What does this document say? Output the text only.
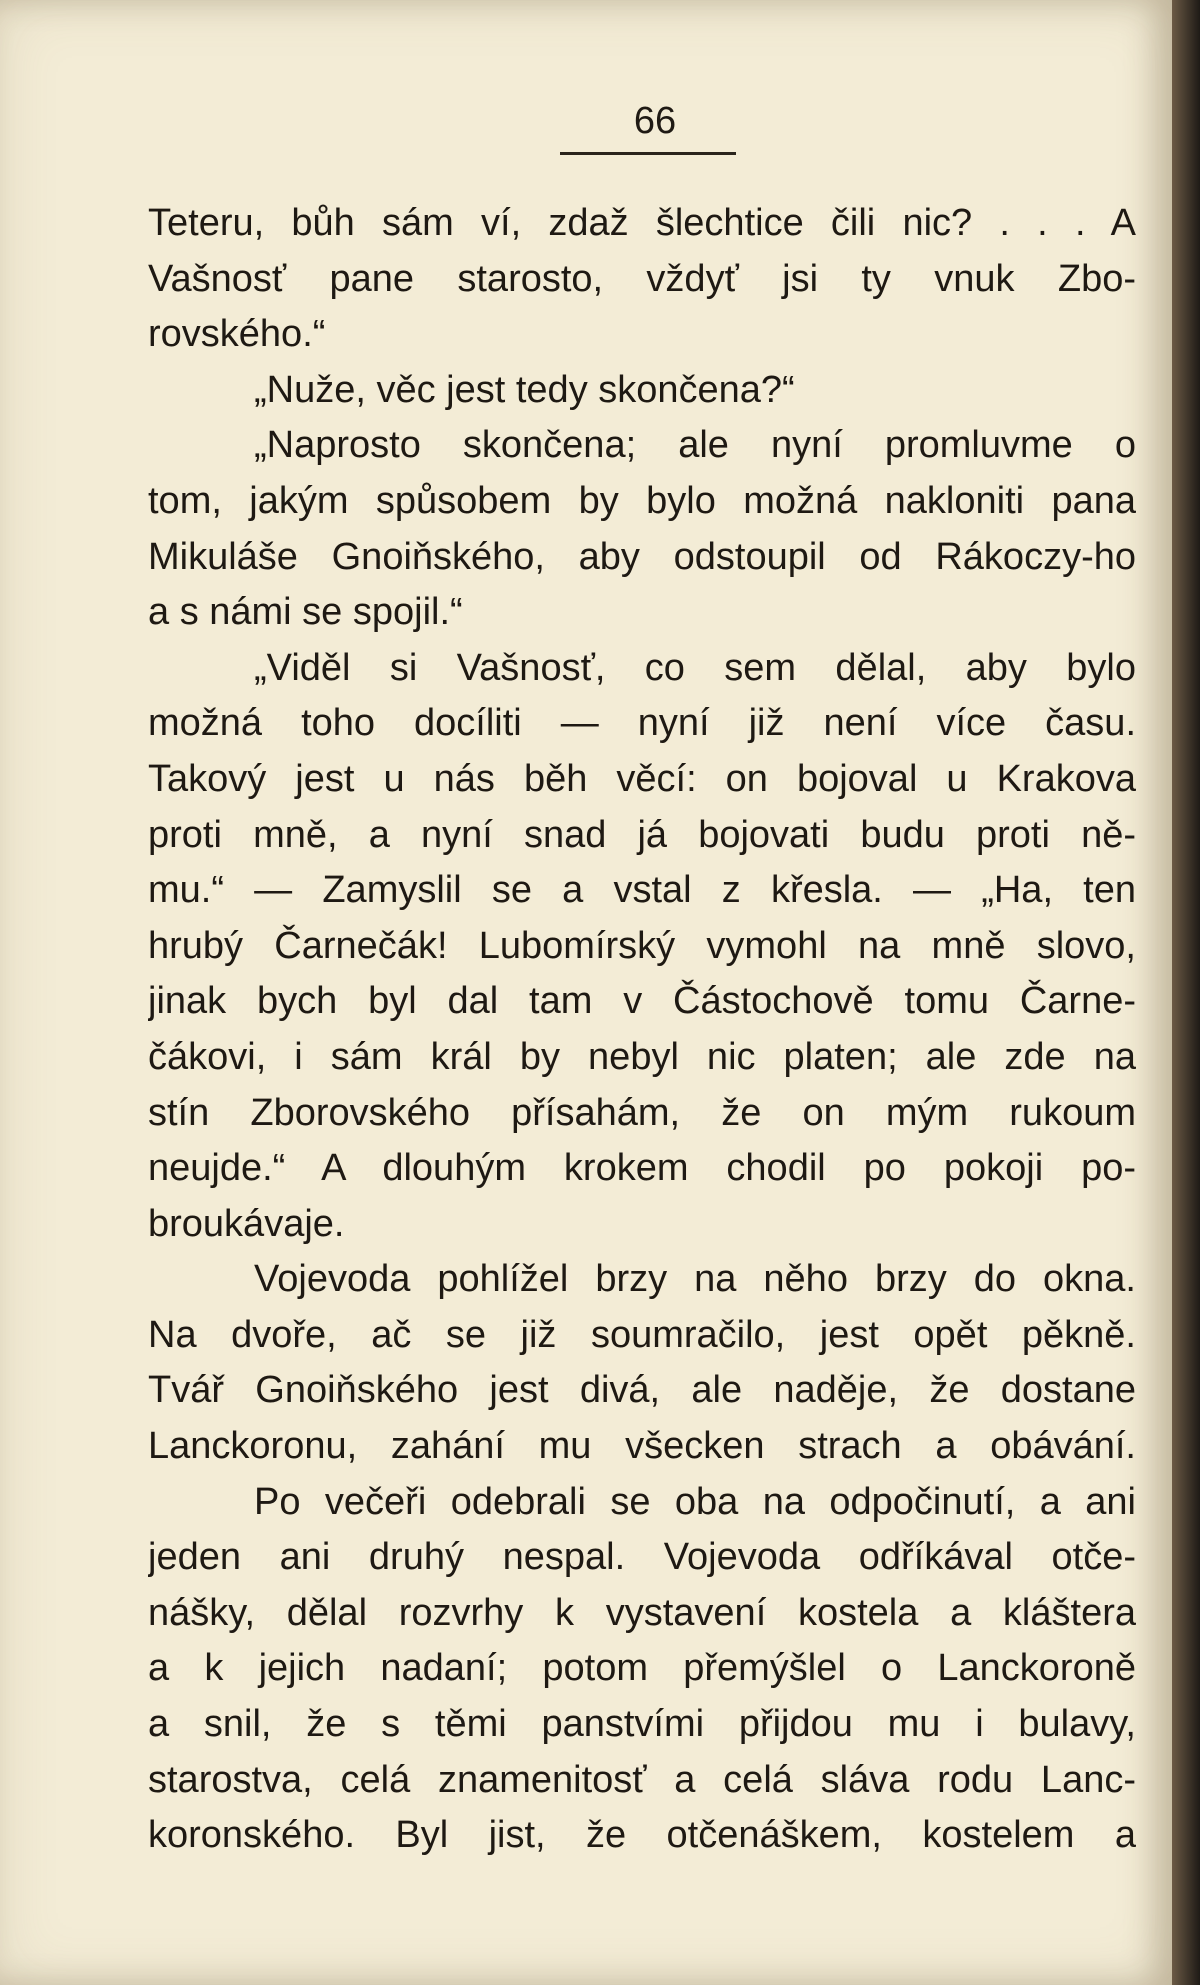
66
Teteru, bůh sám ví, zdaž šlechtice čili nic? . . . A
Vašnosť pane starosto, vždyť jsi ty vnuk Zbo-
rovského.“
„Nuže, věc jest tedy skončena?“
„Naprosto skončena; ale nyní promluvme o
tom, jakým spůsobem by bylo možná nakloniti pana
Mikuláše Gnoiňského, aby odstoupil od Rákoczy-ho
a s námi se spojil.“
„Viděl si Vašnosť, co sem dělal, aby bylo
možná toho docíliti — nyní již není více času.
Takový jest u nás běh věcí: on bojoval u Krakova
proti mně, a nyní snad já bojovati budu proti ně-
mu.“ — Zamyslil se a vstal z křesla. — „Ha, ten
hrubý Čarnečák! Lubomírský vymohl na mně slovo,
jinak bych byl dal tam v Částochově tomu Čarne-
čákovi, i sám král by nebyl nic platen; ale zde na
stín Zborovského přísahám, že on mým rukoum
neujde.“ A dlouhým krokem chodil po pokoji po-
broukávaje.
Vojevoda pohlížel brzy na něho brzy do okna.
Na dvoře, ač se již soumračilo, jest opět pěkně.
Tvář Gnoiňského jest divá, ale naděje, že dostane
Lanckoronu, zahání mu všecken strach a obávání.
Po večeři odebrali se oba na odpočinutí, a ani
jeden ani druhý nespal. Vojevoda odříkával otče-
nášky, dělal rozvrhy k vystavení kostela a kláštera
a k jejich nadaní; potom přemýšlel o Lanckoroně
a snil, že s těmi panstvími přijdou mu i bulavy,
starostva, celá znamenitosť a celá sláva rodu Lanc-
koronského. Byl jist, že otčenáškem, kostelem a
